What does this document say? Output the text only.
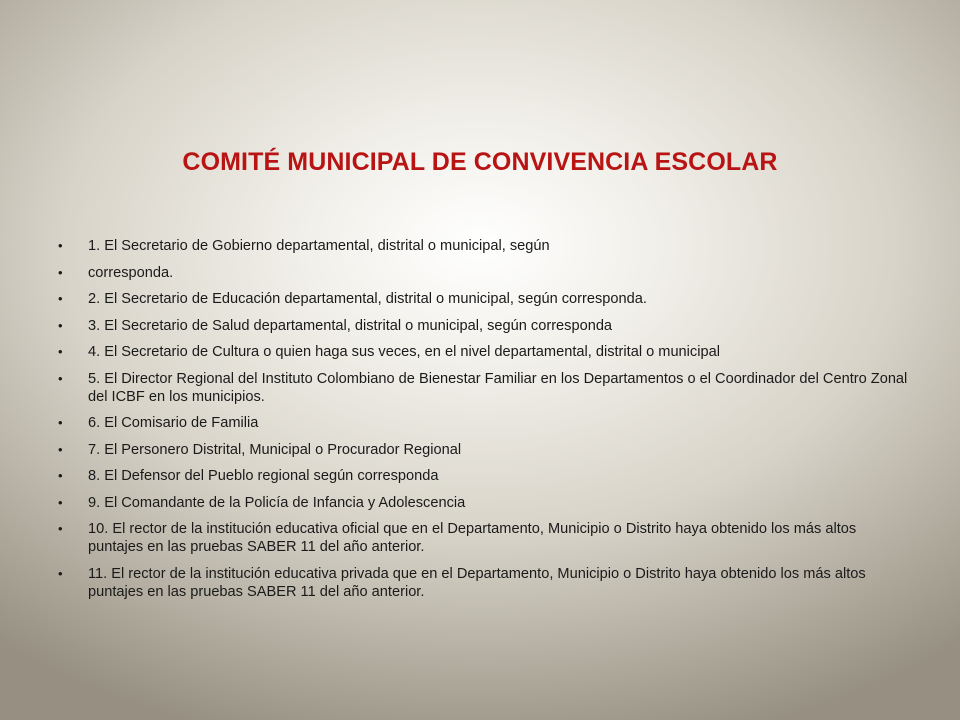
COMITÉ MUNICIPAL DE CONVIVENCIA ESCOLAR
•	1. El Secretario de Gobierno departamental, distrital o municipal, según
•	corresponda.
•	2. El Secretario de Educación departamental, distrital o municipal, según corresponda.
•	3. El Secretario de Salud departamental, distrital o municipal, según corresponda
•	4. El Secretario de Cultura o quien haga sus veces, en el nivel departamental, distrital o municipal
•	5. El Director Regional del Instituto Colombiano de Bienestar Familiar en los Departamentos o el Coordinador del Centro Zonal del ICBF en los municipios.
•	6. El Comisario de Familia
•	7. El Personero Distrital, Municipal o Procurador Regional
•	8. El Defensor del Pueblo regional según corresponda
•	9. El Comandante de la Policía de Infancia y Adolescencia
•	10. El rector de la institución educativa oficial que en el Departamento, Municipio o Distrito haya obtenido los más altos puntajes en las pruebas SABER 11 del año anterior.
•	11. El rector de la institución educativa privada que en el Departamento, Municipio o Distrito haya obtenido los más altos puntajes en las pruebas SABER 11 del año anterior.
